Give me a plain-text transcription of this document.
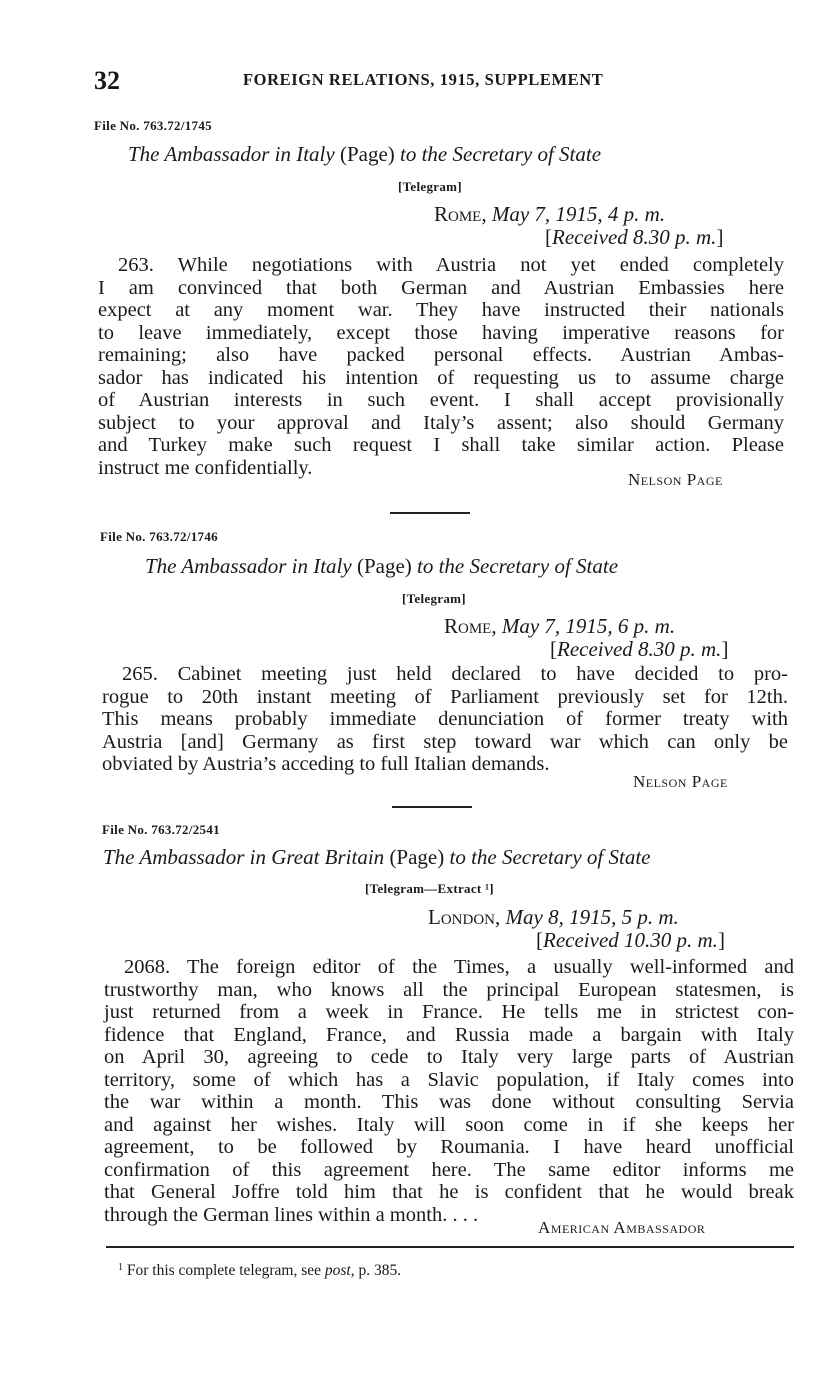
32	FOREIGN RELATIONS, 1915, SUPPLEMENT
File No. 763.72/1745
The Ambassador in Italy (Page) to the Secretary of State
[Telegram]
Rome, May 7, 1915, 4 p. m.
[Received 8.30 p. m.]
263. While negotiations with Austria not yet ended completely
I am convinced that both German and Austrian Embassies here
expect at any moment war. They have instructed their nationals
to leave immediately, except those having imperative reasons for
remaining; also have packed personal effects. Austrian Ambas-
sador has indicated his intention of requesting us to assume charge
of Austrian interests in such event. I shall accept provisionally
subject to your approval and Italy’s assent; also should Germany
and Turkey make such request I shall take similar action. Please
instruct me confidentially.
Nelson Page
File No. 763.72/1746
The Ambassador in Italy (Page) to the Secretary of State
[Telegram]
Rome, May 7, 1915, 6 p. m.
[Received 8.30 p. m.]
265. Cabinet meeting just held declared to have decided to pro-
rogue to 20th instant meeting of Parliament previously set for 12th.
This means probably immediate denunciation of former treaty with
Austria [and] Germany as first step toward war which can only be
obviated by Austria’s acceding to full Italian demands.
Nelson Page
File No. 763.72/2541
The Ambassador in Great Britain (Page) to the Secretary of State
[Telegram—Extract ¹]
London, May 8, 1915, 5 p. m.
[Received 10.30 p. m.]
2068. The foreign editor of the Times, a usually well-informed and
trustworthy man, who knows all the principal European statesmen, is
just returned from a week in France. He tells me in strictest con-
fidence that England, France, and Russia made a bargain with Italy
on April 30, agreeing to cede to Italy very large parts of Austrian
territory, some of which has a Slavic population, if Italy comes into
the war within a month. This was done without consulting Servia
and against her wishes. Italy will soon come in if she keeps her
agreement, to be followed by Roumania. I have heard unofficial
confirmation of this agreement here. The same editor informs me
that General Joffre told him that he is confident that he would break
through the German lines within a month. . . .
American Ambassador
$^1$ For this complete telegram, see post, p. 385.
